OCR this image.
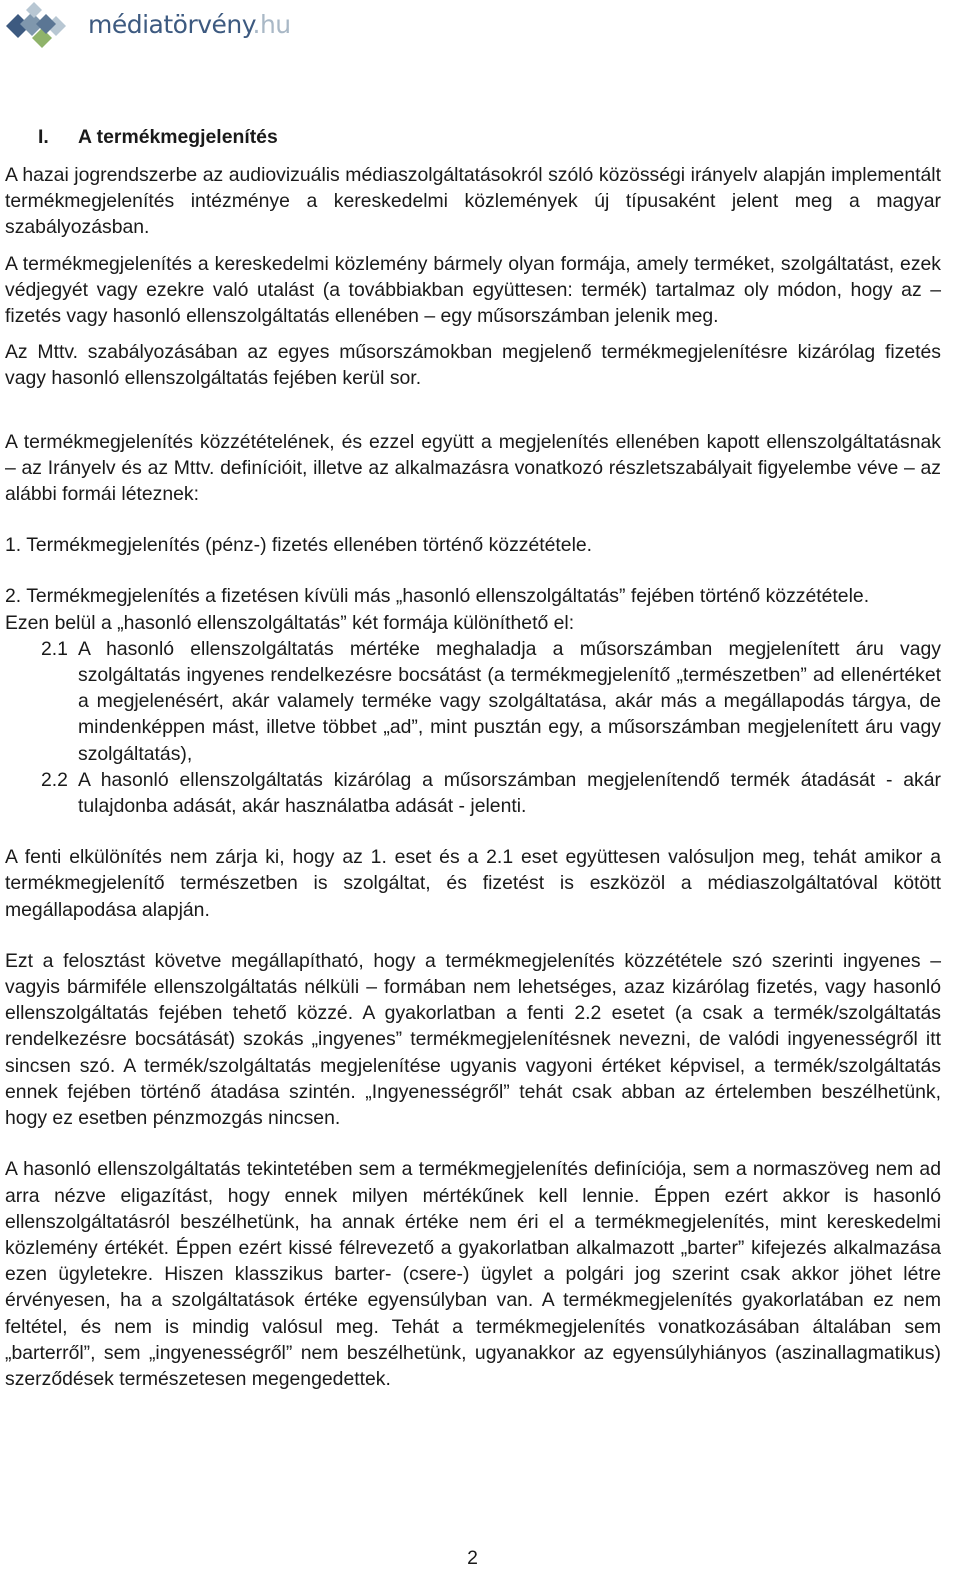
médiatörvény.hu
I. A termékmegjelenítés

A hazai jogrendszerbe az audiovizuális médiaszolgáltatásokról szóló közösségi irányelv alapján implementált termékmegjelenítés intézménye a kereskedelmi közlemények új típusaként jelent meg a magyar szabályozásban.

A termékmegjelenítés a kereskedelmi közlemény bármely olyan formája, amely terméket, szolgáltatást, ezek védjegyét vagy ezekre való utalást (a továbbiakban együttesen: termék) tartalmaz oly módon, hogy az – fizetés vagy hasonló ellenszolgáltatás ellenében – egy műsorszámban jelenik meg.

Az Mttv. szabályozásában az egyes műsorszámokban megjelenő termékmegjelenítésre kizárólag fizetés vagy hasonló ellenszolgáltatás fejében kerül sor.

A termékmegjelenítés közzétételének, és ezzel együtt a megjelenítés ellenében kapott ellenszolgáltatásnak – az Irányelv és az Mttv. definícióit, illetve az alkalmazásra vonatkozó részletszabályait figyelembe véve – az alábbi formái léteznek:

1. Termékmegjelenítés (pénz-) fizetés ellenében történő közzététele.

2. Termékmegjelenítés a fizetésen kívüli más „hasonló ellenszolgáltatás” fejében történő közzététele.

Ezen belül a „hasonló ellenszolgáltatás” két formája különíthető el:

2.1 A hasonló ellenszolgáltatás mértéke meghaladja a műsorszámban megjelenített áru vagy szolgáltatás ingyenes rendelkezésre bocsátást (a termékmegjelenítő „természetben” ad ellenértéket a megjelenésért, akár valamely terméke vagy szolgáltatása, akár más a megállapodás tárgya, de mindenképpen mást, illetve többet „ad”, mint pusztán egy, a műsorszámban megjelenített áru vagy szolgáltatás),
2.2 A hasonló ellenszolgáltatás kizárólag a műsorszámban megjelenítendő termék átadását - akár tulajdonba adását, akár használatba adását - jelenti.

A fenti elkülönítés nem zárja ki, hogy az 1. eset és a 2.1 eset együttesen valósuljon meg, tehát amikor a termékmegjelenítő természetben is szolgáltat, és fizetést is eszközöl a médiaszolgáltatóval kötött megállapodása alapján.

Ezt a felosztást követve megállapítható, hogy a termékmegjelenítés közzététele szó szerinti ingyenes – vagyis bármiféle ellenszolgáltatás nélküli – formában nem lehetséges, azaz kizárólag fizetés, vagy hasonló ellenszolgáltatás fejében tehető közzé. A gyakorlatban a fenti 2.2 esetet (a csak a termék/szolgáltatás rendelkezésre bocsátását) szokás „ingyenes” termékmegjelenítésnek nevezni, de valódi ingyenességről itt sincsen szó. A termék/szolgáltatás megjelenítése ugyanis vagyoni értéket képvisel, a termék/szolgáltatás ennek fejében történő átadása szintén. „Ingyenességről” tehát csak abban az értelemben beszélhetünk, hogy ez esetben pénzmozgás nincsen.

A hasonló ellenszolgáltatás tekintetében sem a termékmegjelenítés definíciója, sem a normaszöveg nem ad arra nézve eligazítást, hogy ennek milyen mértékűnek kell lennie. Éppen ezért akkor is hasonló ellenszolgáltatásról beszélhetünk, ha annak értéke nem éri el a termékmegjelenítés, mint kereskedelmi közlemény értékét. Éppen ezért kissé félrevezető a gyakorlatban alkalmazott „barter” kifejezés alkalmazása ezen ügyletekre. Hiszen klasszikus barter- (csere-) ügylet a polgári jog szerint csak akkor jöhet létre érvényesen, ha a szolgáltatások értéke egyensúlyban van. A termékmegjelenítés gyakorlatában ez nem feltétel, és nem is mindig valósul meg. Tehát a termékmegjelenítés vonatkozásában általában sem „barterről”, sem „ingyenességről” nem beszélhetünk, ugyanakkor az egyensúlyhiányos (aszinallagmatikus) szerződések természetesen megengedettek.

2
